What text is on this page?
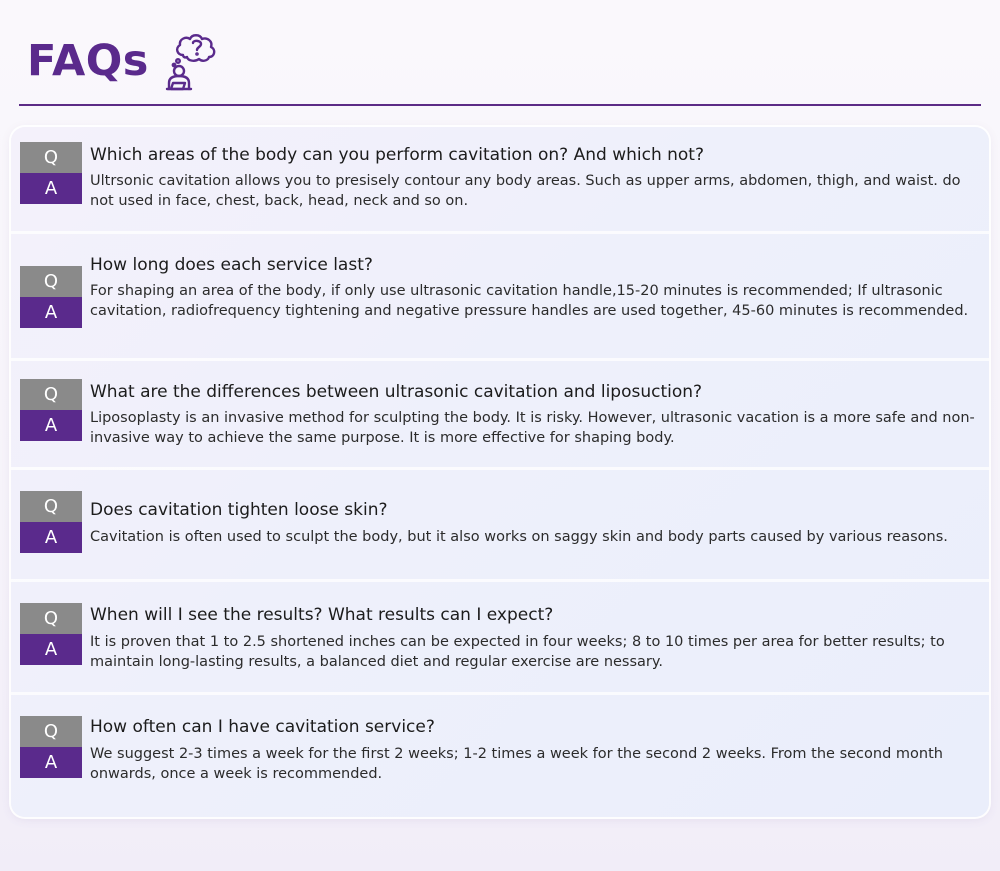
FAQs
Q
A
Which areas of the body can you perform cavitation on? And which not?
Ultrsonic cavitation allows you to presisely contour any body areas. Such as upper arms, abdomen, thigh, and waist. do not used in face, chest, back, head, neck and so on.
Q
A
How long does each service last?
For shaping an area of the body, if only use ultrasonic cavitation handle,15-20 minutes is recommended; If ultrasonic cavitation, radiofrequency tightening and negative pressure handles are used together, 45-60 minutes is recommended.
Q
A
What are the differences between ultrasonic cavitation and liposuction?
Liposoplasty is an invasive method for sculpting the body. It is risky. However, ultrasonic vacation is a more safe and non-invasive way to achieve the same purpose. It is more effective for shaping body.
Q
A
Does cavitation tighten loose skin?
Cavitation is often used to sculpt the body, but it also works on saggy skin and body parts caused by various reasons.
Q
A
When will I see the results? What results can I expect?
It is proven that 1 to 2.5 shortened inches can be expected in four weeks; 8 to 10 times per area for better results; to maintain long-lasting results, a balanced diet and regular exercise are nessary.
Q
A
How often can I have cavitation service?
We suggest 2-3 times a week for the first 2 weeks; 1-2 times a week for the second 2 weeks. From the second month onwards, once a week is recommended.
